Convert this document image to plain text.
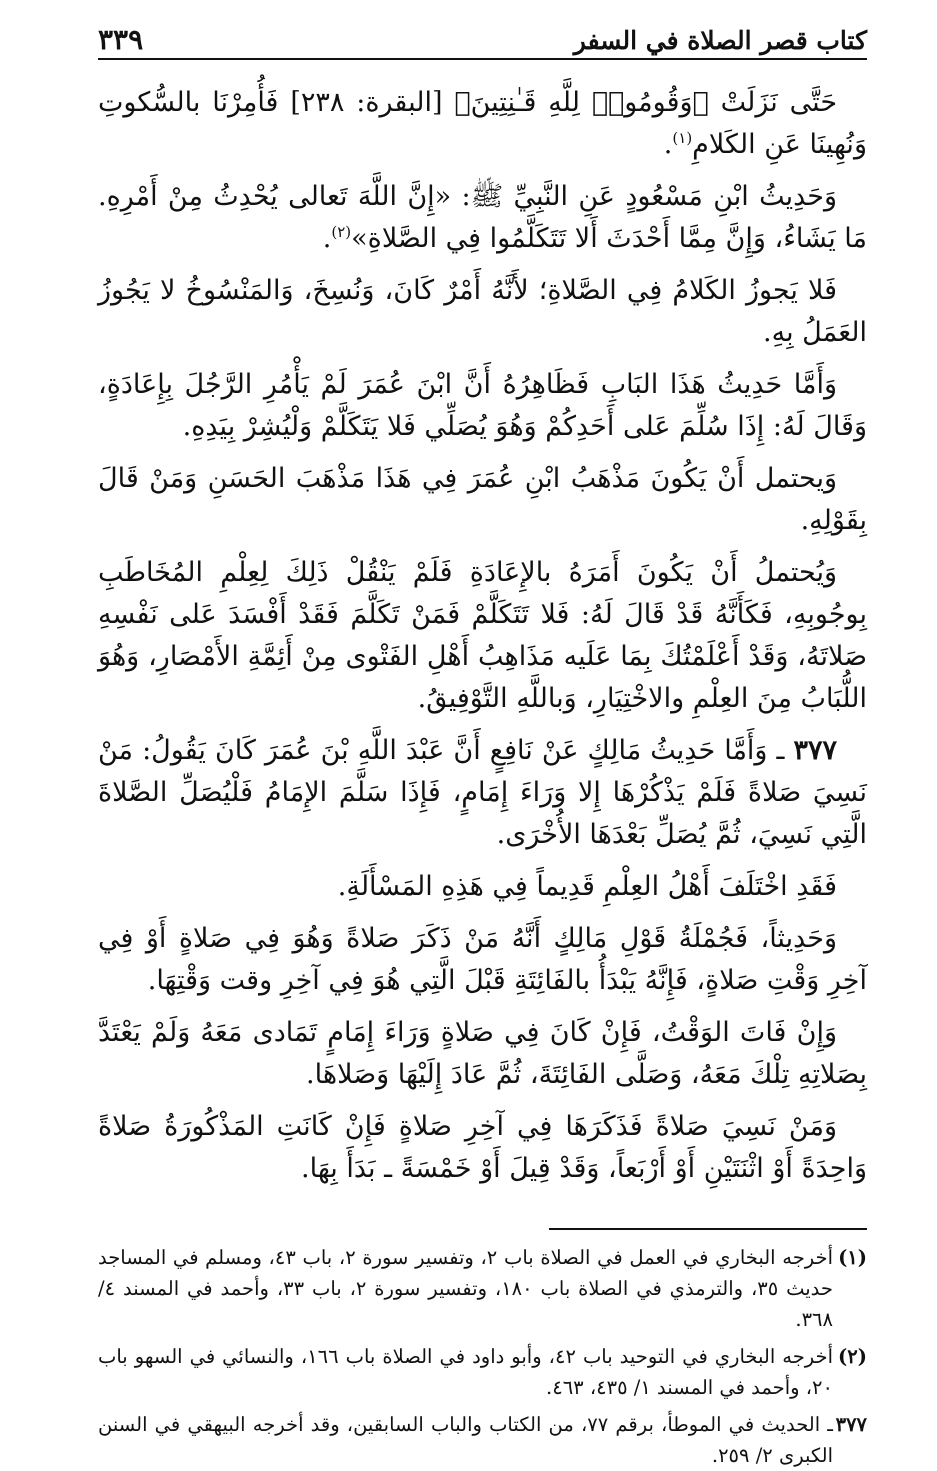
كتاب قصر الصلاة في السفر
٣٣٩

حَتَّى نَزَلَتْ ﴿وَقُومُوا۟ لِلَّهِ قَـٰنِتِينَ﴾ [البقرة: ٢٣٨] فَأُمِرْنَا بالسُّكوتِ وَنُهِينَا عَنِ الكَلامِ$^{(١)}$.

وَحَدِيثُ ابْنِ مَسْعُودٍ عَنِ النَّبِيِّ ﷺ: «إِنَّ اللَّهَ تَعالى يُحْدِثُ مِنْ أَمْرِهِ. مَا يَشَاءُ، وَإِنَّ مِمَّا أَحْدَثَ أَلا تَتَكَلَّمُوا فِي الصَّلاةِ»$^{(٢)}$.

فَلا يَجوزُ الكَلامُ فِي الصَّلاةِ؛ لأَنَّهُ أَمْرٌ كَانَ، وَنُسِخَ، وَالمَنْسُوخُ لا يَجُوزُ العَمَلُ بِهِ.

وَأَمَّا حَدِيثُ هَذَا البَابِ فَظَاهِرُهُ أَنَّ ابْنَ عُمَرَ لَمْ يَأْمُرِ الرَّجُلَ بِإِعَادَةٍ، وَقَالَ لَهُ: إِذَا سُلِّمَ عَلى أَحَدِكُمْ وَهُوَ يُصَلِّي فَلا يَتَكَلَّمْ وَلْيُشِرْ بِيَدِهِ.

وَيحتمل أَنْ يَكُونَ مَذْهَبُ ابْنِ عُمَرَ فِي هَذَا مَذْهَبَ الحَسَنِ وَمَنْ قَالَ بِقَوْلِهِ.

وَيُحتملُ أَنْ يَكُونَ أَمَرَهُ بالإِعَادَةِ فَلَمْ يَنْقُلْ ذَلِكَ لِعِلْمِ المُخَاطَبِ بِوجُوبِهِ، فَكَأَنَّهُ قَدْ قَالَ لَهُ: فَلا تَتَكَلَّمْ فَمَنْ تَكَلَّمَ فَقَدْ أَفْسَدَ عَلى نَفْسِهِ صَلاتَهُ، وَقَدْ أَعْلَمْتُكَ بِمَا عَلَيه مَذَاهِبُ أَهْلِ الفَتْوى مِنْ أَئِمَّةِ الأَمْصَارِ، وَهُوَ اللُّبَابُ مِنَ العِلْمِ والاخْتِيَارِ، وَباللَّهِ التَّوْفِيقُ.

٣٧٧ ـ وَأَمَّا حَدِيثُ مَالِكٍ عَنْ نَافِعٍ أَنَّ عَبْدَ اللَّهِ بْنَ عُمَرَ كَانَ يَقُولُ: مَنْ نَسِيَ صَلاةً فَلَمْ يَذْكُرْهَا إِلا وَرَاءَ إِمَامٍ، فَإِذَا سَلَّمَ الإِمَامُ فَلْيُصَلِّ الصَّلاةَ الَّتِي نَسِيَ، ثُمَّ يُصَلِّ بَعْدَهَا الأُخْرَى.

فَقَدِ اخْتَلَفَ أَهْلُ العِلْمِ قَدِيماً فِي هَذِهِ المَسْأَلَةِ.

وَحَدِيثاً، فَجُمْلَةُ قَوْلِ مَالِكٍ أَنَّهُ مَنْ ذَكَرَ صَلاةً وَهُوَ فِي صَلاةٍ أَوْ فِي آخِرِ وَقْتِ صَلاةٍ، فَإِنَّهُ يَبْدَأُ بالفَائِتَةِ قَبْلَ الَّتِي هُوَ فِي آخِرِ وقت وَقْتِهَا.

وَإِنْ فَاتَ الوَقْتُ، فَإِنْ كَانَ فِي صَلاةٍ وَرَاءَ إِمَامٍ تَمَادى مَعَهُ وَلَمْ يَعْتَدَّ بِصَلاتِهِ تِلْكَ مَعَهُ، وَصَلَّى الفَائِتَةَ، ثُمَّ عَادَ إِلَيْهَا وَصَلاهَا.

وَمَنْ نَسِيَ صَلاةً فَذَكَرَهَا فِي آخِرِ صَلاةٍ فَإِنْ كَانَتِ المَذْكُورَةُ صَلاةً وَاحِدَةً أَوْ اثْنَتَيْنِ أَوْ أَرْبَعاً، وَقَدْ قِيلَ أَوْ خَمْسَةً ـ بَدَأَ بِهَا.

(١)أخرجه البخاري في العمل في الصلاة باب ٢، وتفسير سورة ٢، باب ٤٣، ومسلم في المساجد حديث ٣٥، والترمذي في الصلاة باب ١٨٠، وتفسير سورة ٢، باب ٣٣، وأحمد في المسند ٤/ ٣٦٨.

(٢)أخرجه البخاري في التوحيد باب ٤٢، وأبو داود في الصلاة باب ١٦٦، والنسائي في السهو باب ٢٠، وأحمد في المسند ١/ ٤٣٥، ٤٦٣.

٣٧٧ـ الحديث في الموطأ، برقم ٧٧، من الكتاب والباب السابقين، وقد أخرجه البيهقي في السنن الكبرى ٢/ ٢٥٩.
